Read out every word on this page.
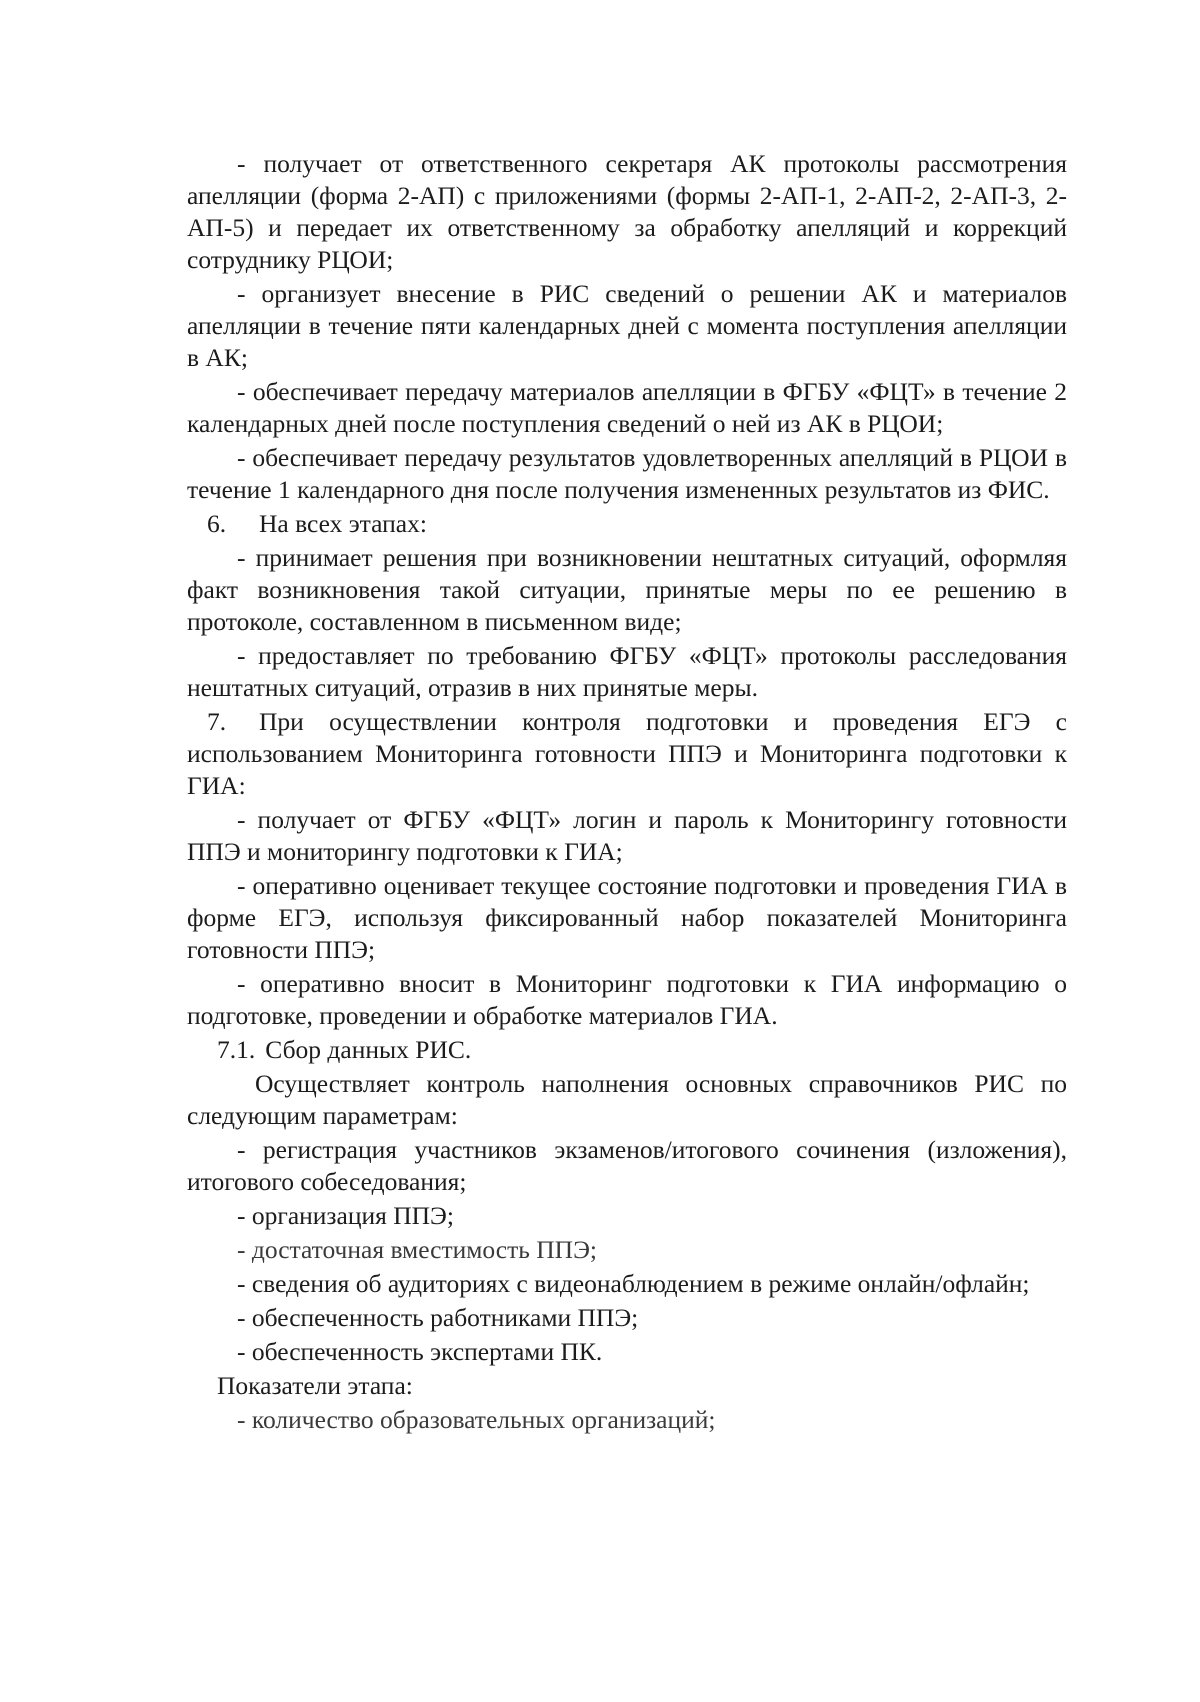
- получает от ответственного секретаря АК протоколы рассмотрения апелляции (форма 2-АП) с приложениями (формы 2-АП-1, 2-АП-2, 2-АП-3, 2-АП-5) и передает их ответственному за обработку апелляций и коррекций сотруднику РЦОИ;

- организует внесение в РИС сведений о решении АК и материалов апелляции в течение пяти календарных дней с момента поступления апелляции в АК;

- обеспечивает передачу материалов апелляции в ФГБУ «ФЦТ» в течение 2 календарных дней после поступления сведений о ней из АК в РЦОИ;

- обеспечивает передачу результатов удовлетворенных апелляций в РЦОИ в течение 1 календарного дня после получения измененных результатов из ФИС.

6. На всех этапах:

- принимает решения при возникновении нештатных ситуаций, оформляя факт возникновения такой ситуации, принятые меры по ее решению в протоколе, составленном в письменном виде;

- предоставляет по требованию ФГБУ «ФЦТ» протоколы расследования нештатных ситуаций, отразив в них принятые меры.

7. При осуществлении контроля подготовки и проведения ЕГЭ с использованием Мониторинга готовности ППЭ и Мониторинга подготовки к ГИА:

- получает от ФГБУ «ФЦТ» логин и пароль к Мониторингу готовности ППЭ и мониторингу подготовки к ГИА;

- оперативно оценивает текущее состояние подготовки и проведения ГИА в форме ЕГЭ, используя фиксированный набор показателей Мониторинга готовности ППЭ;

- оперативно вносит в Мониторинг подготовки к ГИА информацию о подготовке, проведении и обработке материалов ГИА.

7.1. Сбор данных РИС.

Осуществляет контроль наполнения основных справочников РИС по следующим параметрам:

- регистрация участников экзаменов/итогового сочинения (изложения), итогового собеседования;

- организация ППЭ;

- достаточная вместимость ППЭ;

- сведения об аудиториях с видеонаблюдением в режиме онлайн/офлайн;

- обеспеченность работниками ППЭ;

- обеспеченность экспертами ПК.

Показатели этапа:

- количество образовательных организаций;
